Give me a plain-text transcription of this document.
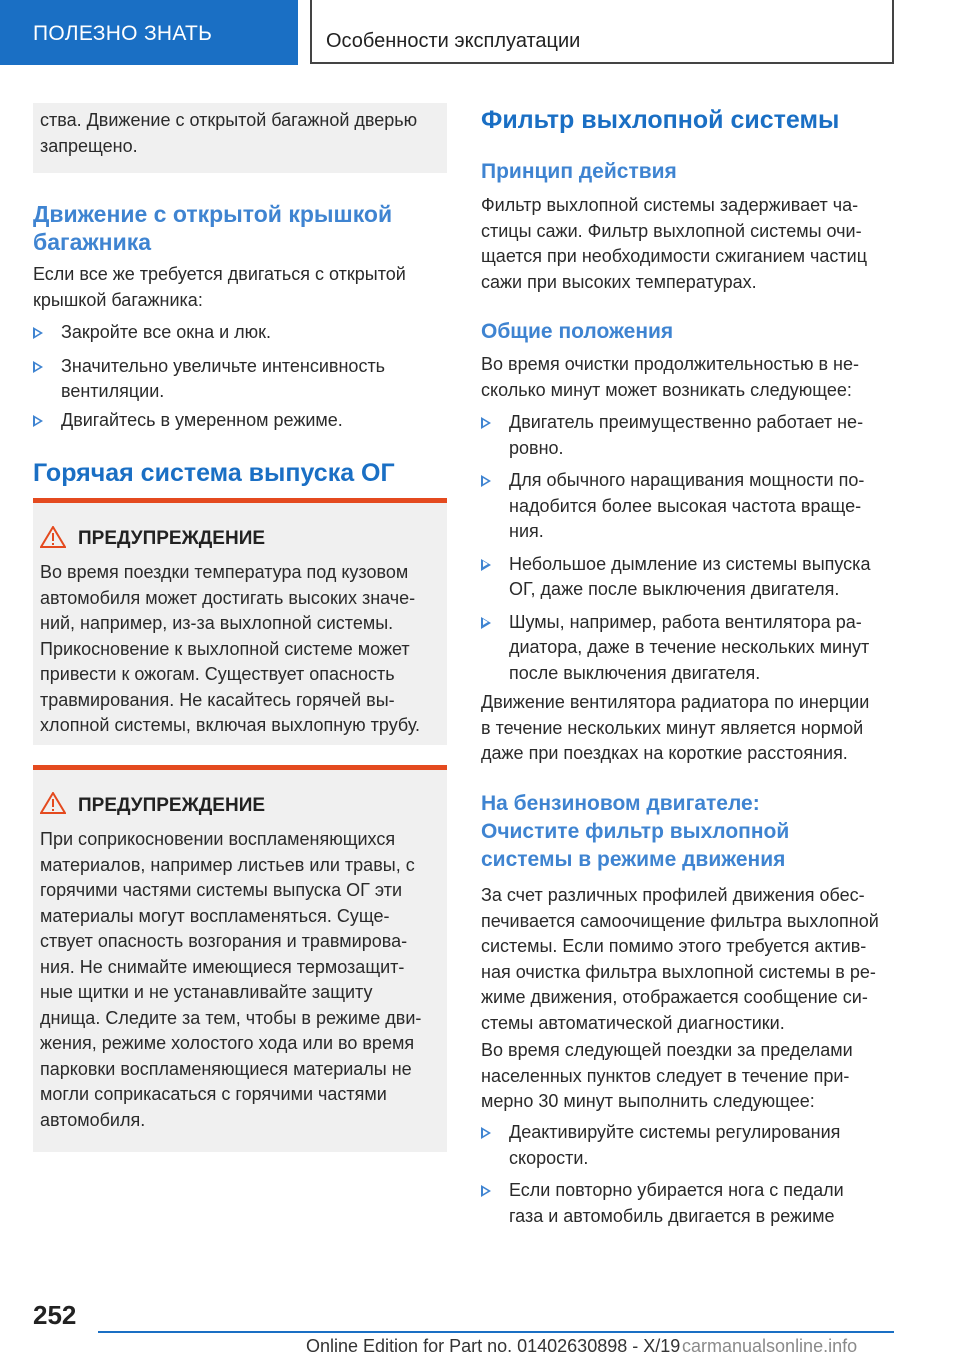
ПОЛЕЗНО ЗНАТЬ	Особенности эксплуатации
ства. Движение с открытой багажной дверью
запрещено.
Движение с открытой крышкой
багажника
Если все же требуется двигаться с открытой
крышкой багажника:
Закройте все окна и люк.
Значительно увеличьте интенсивность
вентиляции.
Двигайтесь в умеренном режиме.
Горячая система выпуска ОГ
ПРЕДУПРЕЖДЕНИЕ
Во время поездки температура под кузовом
автомобиля может достигать высоких значе-
ний, например, из-за выхлопной системы.
Прикосновение к выхлопной системе может
привести к ожогам. Существует опасность
травмирования. Не касайтесь горячей вы-
хлопной системы, включая выхлопную трубу.
ПРЕДУПРЕЖДЕНИЕ
При соприкосновении воспламеняющихся
материалов, например листьев или травы, с
горячими частями системы выпуска ОГ эти
материалы могут воспламеняться. Суще-
ствует опасность возгорания и травмирова-
ния. Не снимайте имеющиеся термозащит-
ные щитки и не устанавливайте защиту
днища. Следите за тем, чтобы в режиме дви-
жения, режиме холостого хода или во время
парковки воспламеняющиеся материалы не
могли соприкасаться с горячими частями
автомобиля.
Фильтр выхлопной системы
Принцип действия
Фильтр выхлопной системы задерживает ча-
стицы сажи. Фильтр выхлопной системы очи-
щается при необходимости сжиганием частиц
сажи при высоких температурах.
Общие положения
Во время очистки продолжительностью в не-
сколько минут может возникать следующее:
Двигатель преимущественно работает не-
ровно.
Для обычного наращивания мощности по-
надобится более высокая частота враще-
ния.
Небольшое дымление из системы выпуска
ОГ, даже после выключения двигателя.
Шумы, например, работа вентилятора ра-
диатора, даже в течение нескольких минут
после выключения двигателя.
Движение вентилятора радиатора по инерции
в течение нескольких минут является нормой
даже при поездках на короткие расстояния.
На бензиновом двигателе:
Очистите фильтр выхлопной
системы в режиме движения
За счет различных профилей движения обес-
печивается самоочищение фильтра выхлопной
системы. Если помимо этого требуется актив-
ная очистка фильтра выхлопной системы в ре-
жиме движения, отображается сообщение си-
стемы автоматической диагностики.
Во время следующей поездки за пределами
населенных пунктов следует в течение при-
мерно 30 минут выполнить следующее:
Деактивируйте системы регулирования
скорости.
Если повторно убирается нога с педали
газа и автомобиль двигается в режиме
252
Online Edition for Part no. 01402630898 - X/19 carmanualsonline.info
